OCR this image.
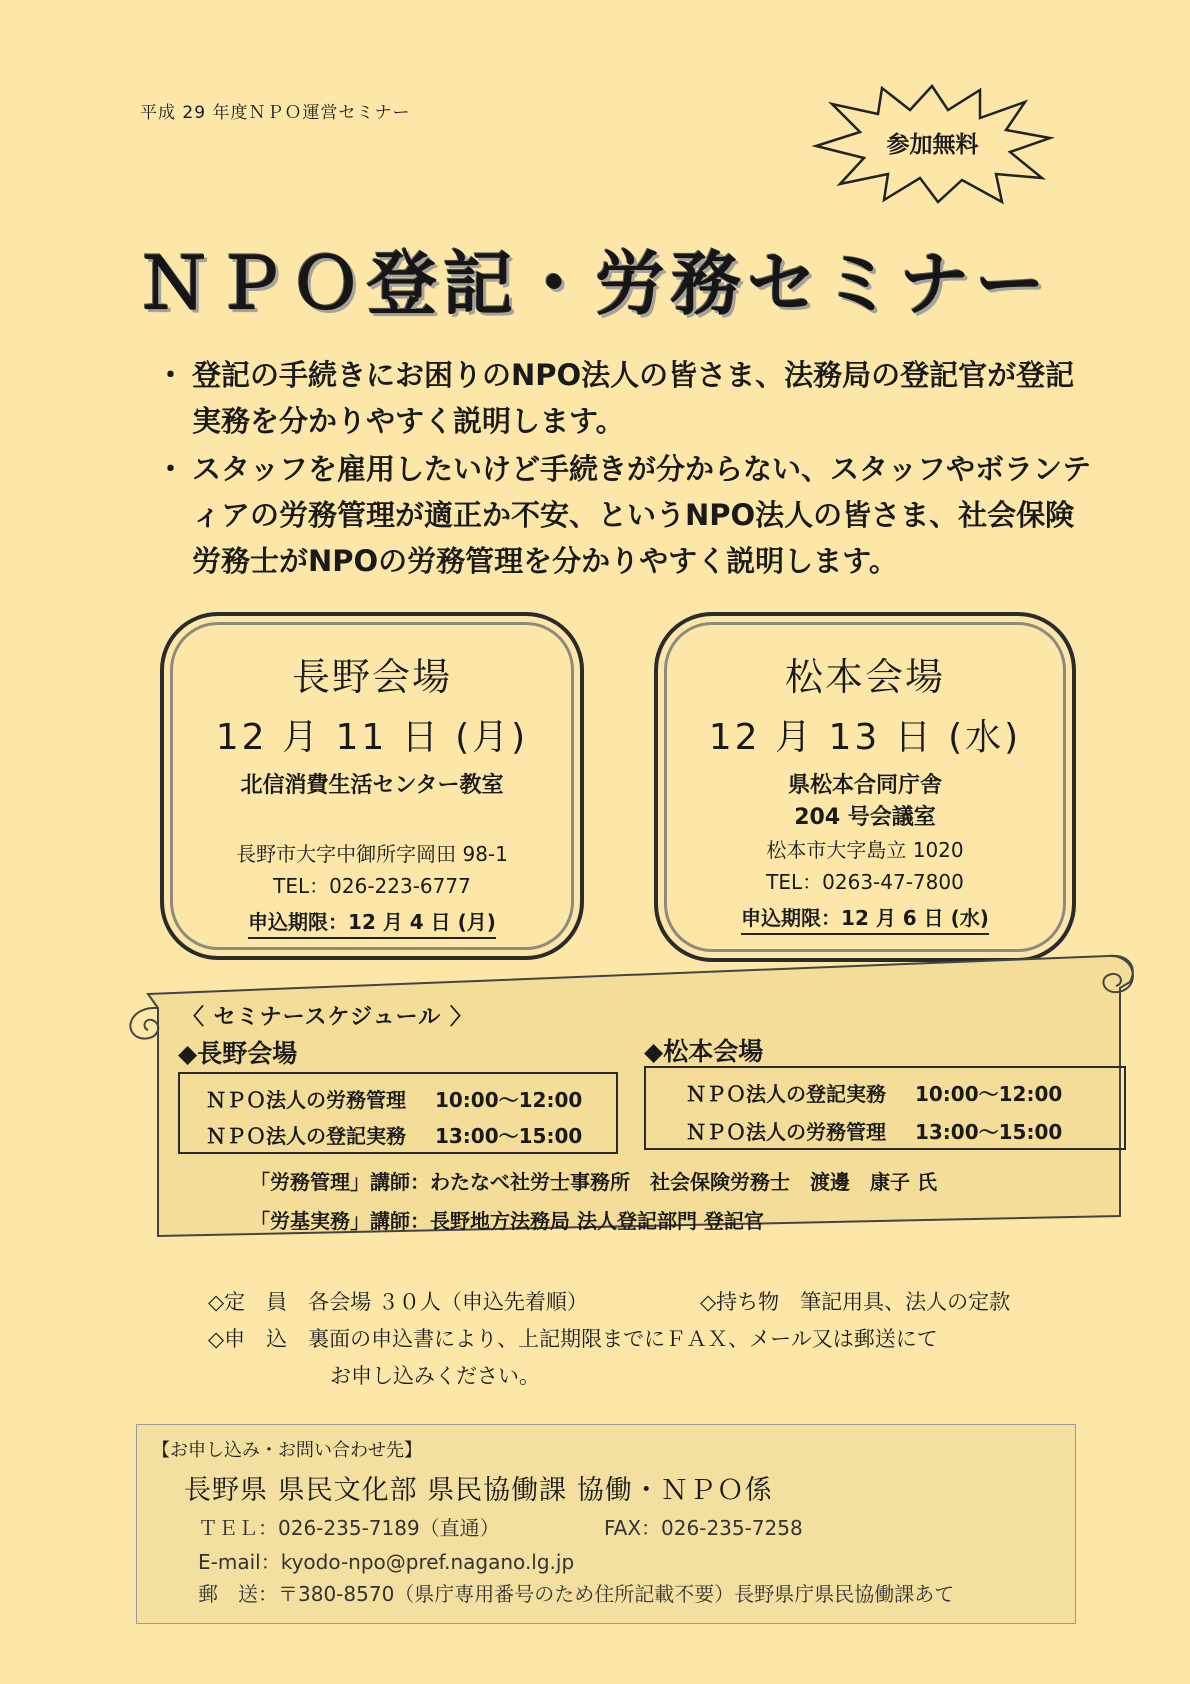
平成 29 年度ＮＰＯ運営セミナー
参加無料
ＮＰＯ登記・労務セミナー
・ 登記の手続きにお困りのNPO法人の皆さま、法務局の登記官が登記実務を分かりやすく説明します。
・ スタッフを雇用したいけど手続きが分からない、スタッフやボランティアの労務管理が適正か不安、というNPO法人の皆さま、社会保険労務士がNPOの労務管理を分かりやすく説明します。
長野会場
12 月 11 日 (月)
北信消費生活センター教室
長野市大字中御所字岡田 98-1
TEL：026-223-6777
申込期限：12 月 4 日 (月)
松本会場
12 月 13 日 (水)
県松本合同庁舎
204 号会議室
松本市大字島立 1020
TEL：0263-47-7800
申込期限：12 月 6 日 (水)
〈 セミナースケジュール 〉
◆長野会場	◆松本会場
ＮＰＯ法人の労務管理 10:00～12:00
ＮＰＯ法人の登記実務 13:00～15:00
ＮＰＯ法人の登記実務 10:00～12:00
ＮＰＯ法人の労務管理 13:00～15:00
「労務管理」講師：わたなべ社労士事務所　社会保険労務士　渡邊　康子 氏
「労基実務」講師：長野地方法務局 法人登記部門 登記官
◇定　員　各会場 ３０人（申込先着順）	◇持ち物　筆記用具、法人の定款
◇申　込　裏面の申込書により、上記期限までにＦＡＸ、メール又は郵送にて
お申し込みください。
【お申し込み・お問い合わせ先】
長野県 県民文化部 県民協働課 協働・ＮＰＯ係
ＴＥＬ：026-235-7189（直通）	FAX：026-235-7258
E-mail：kyodo-npo@pref.nagano.lg.jp
郵　送：〒380-8570（県庁専用番号のため住所記載不要）長野県庁県民協働課あて
